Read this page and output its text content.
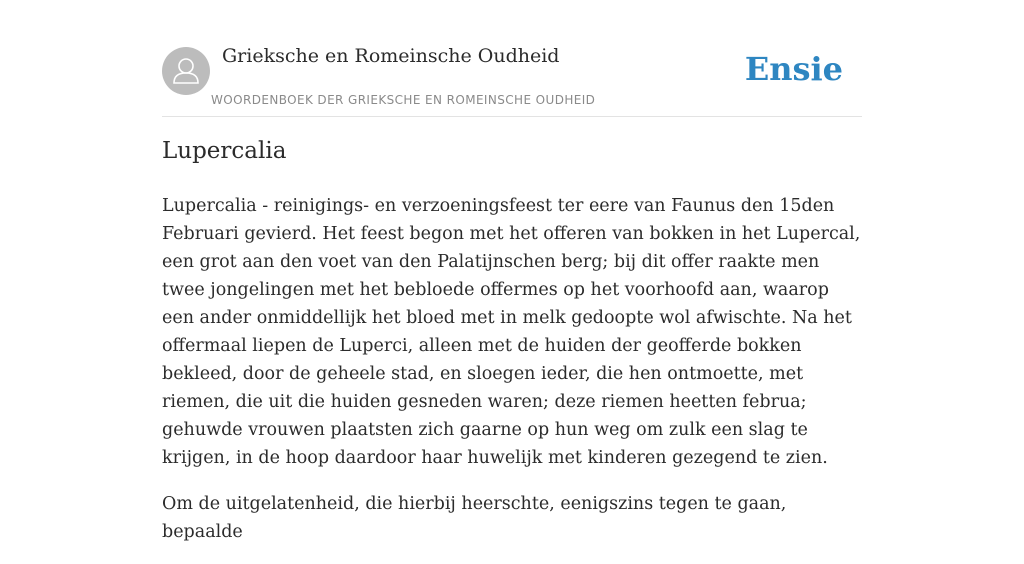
Grieksche en Romeinsche Oudheid
WOORDENBOEK DER GRIEKSCHE EN ROMEINSCHE OUDHEID
Ensie
Lupercalia

Lupercalia - reinigings- en verzoeningsfeest ter eere van Faunus den 15den Februari gevierd. Het feest begon met het offeren van bokken in het Lupercal, een grot aan den voet van den Palatijnschen berg; bij dit offer raakte men twee jongelingen met het bebloede offermes op het voorhoofd aan, waarop een ander onmiddellijk het bloed met in melk gedoopte wol afwischte. Na het offermaal liepen de Luperci, alleen met de huiden der geofferde bokken bekleed, door de geheele stad, en sloegen ieder, die hen ontmoette, met riemen, die uit die huiden gesneden waren; deze riemen heetten februa; gehuwde vrouwen plaatsten zich gaarne op hun weg om zulk een slag te krijgen, in de hoop daardoor haar huwelijk met kinderen gezegend te zien.

Om de uitgelatenheid, die hierbij heerschte, eenigszins tegen te gaan, bepaalde
